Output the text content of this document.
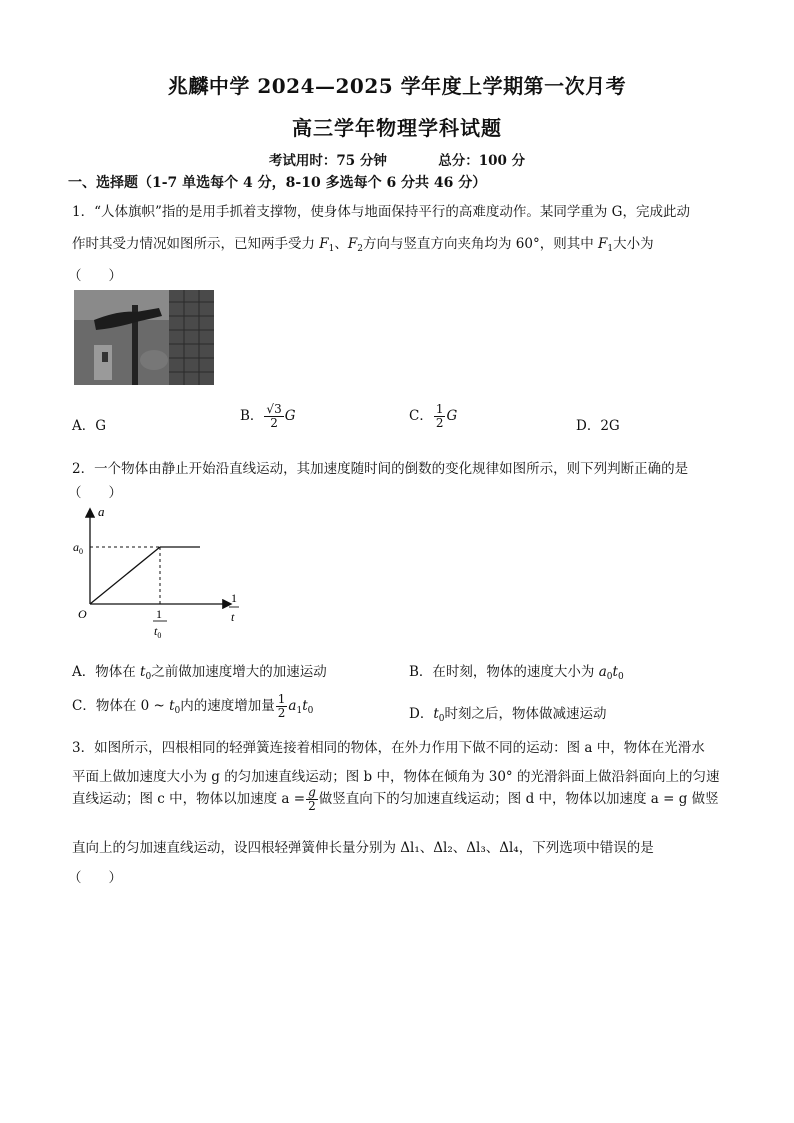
兆麟中学 2024—2025 学年度上学期第一次月考
高三学年物理学科试题
考试用时：75 分钟	总分：100 分
一、选择题（1-7 单选每个 4 分，8-10 多选每个 6 分共 46 分）
1．“人体旗帜”指的是用手抓着支撑物，使身体与地面保持平行的高难度动作。某同学重为 G，完成此动
作时其受力情况如图所示，已知两手受力 $F_1$、$F_2$方向与竖直方向夹角均为 60°，则其中 $F_1$大小为
（　　）
A．G
B． $\frac{√3}{2}$ G	C． $\frac{1}{2}$ G
D．2G
2．一个物体由静止开始沿直线运动，其加速度随时间的倒数的变化规律如图所示，则下列判断正确的是
（　　）
a
$a_0$
O
1
t
1
$t_0$
A．物体在 $t_0$之前做加速度增大的加速运动	B．在时刻，物体的速度大小为 $a_0t_0$
C．物体在 0 ~ $t_0$内的速度增加量 $\frac{1}{2} a_1t_0$	D．$t_0$时刻之后，物体做减速运动
3．如图所示，四根相同的轻弹簧连接着相同的物体，在外力作用下做不同的运动：图 a 中，物体在光滑水
平面上做加速度大小为 g 的匀加速直线运动；图 b 中，物体在倾角为 30° 的光滑斜面上做沿斜面向上的匀速
直线运动；图 c 中，物体以加速度 $a = \frac{g}{2}$ 做竖直向下的匀加速直线运动；图 d 中，物体以加速度 a = g 做竖
直向上的匀加速直线运动，设四根轻弹簧伸长量分别为 Δl₁、Δl₂、Δl₃、Δl₄，下列选项中错误的是
（　　）
